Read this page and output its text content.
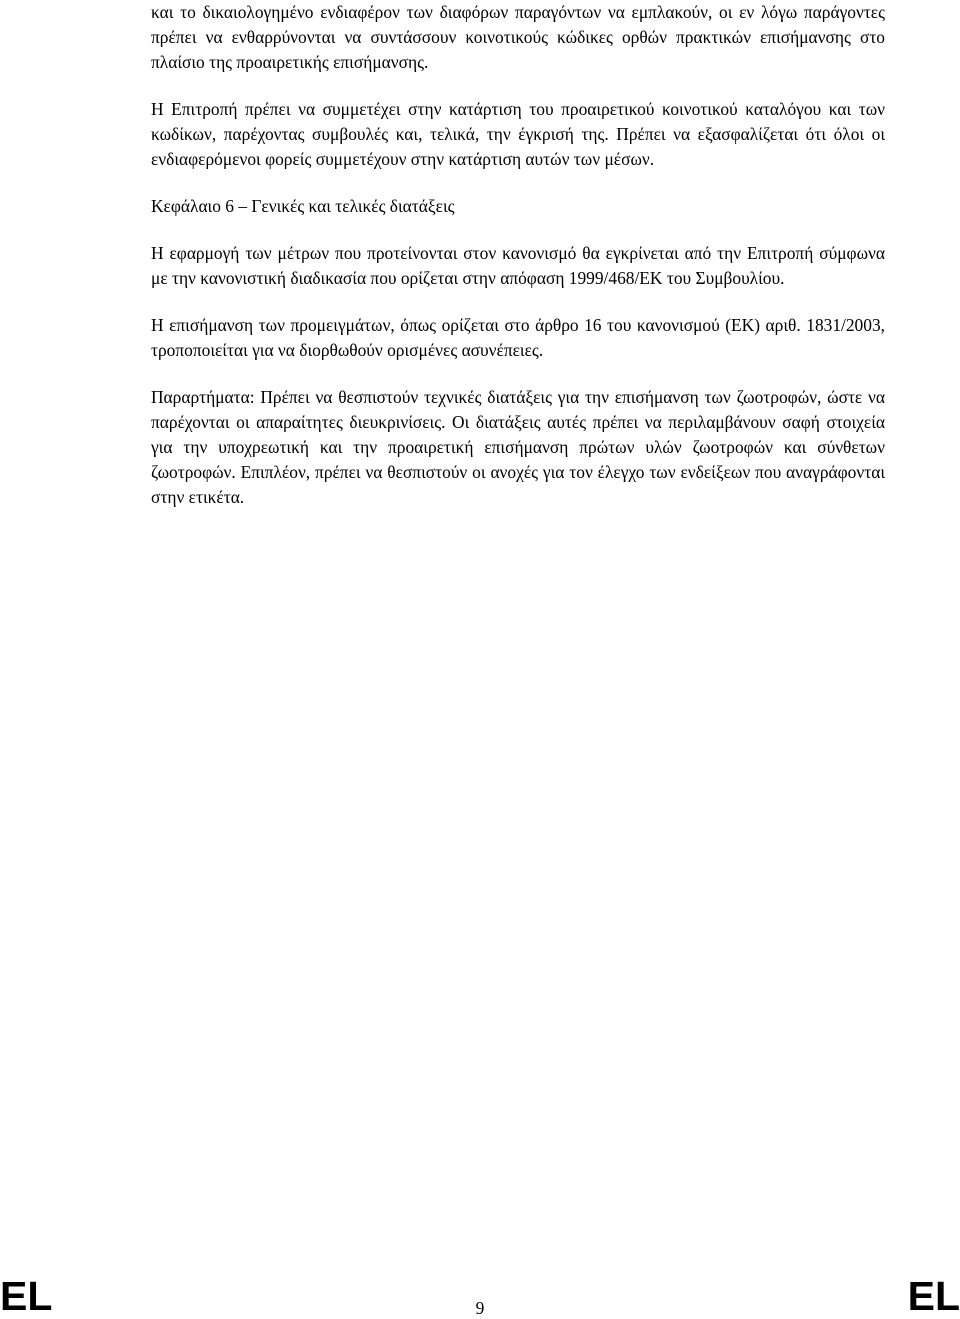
και το δικαιολογημένο ενδιαφέρον των διαφόρων παραγόντων να εμπλακούν, οι εν λόγω παράγοντες πρέπει να ενθαρρύνονται να συντάσσουν κοινοτικούς κώδικες ορθών πρακτικών επισήμανσης στο πλαίσιο της προαιρετικής επισήμανσης.

Η Επιτροπή πρέπει να συμμετέχει στην κατάρτιση του προαιρετικού κοινοτικού καταλόγου και των κωδίκων, παρέχοντας συμβουλές και, τελικά, την έγκρισή της. Πρέπει να εξασφαλίζεται ότι όλοι οι ενδιαφερόμενοι φορείς συμμετέχουν στην κατάρτιση αυτών των μέσων.

Κεφάλαιο 6 – Γενικές και τελικές διατάξεις

Η εφαρμογή των μέτρων που προτείνονται στον κανονισμό θα εγκρίνεται από την Επιτροπή σύμφωνα με την κανονιστική διαδικασία που ορίζεται στην απόφαση 1999/468/ΕΚ του Συμβουλίου.

Η επισήμανση των προμειγμάτων, όπως ορίζεται στο άρθρο 16 του κανονισμού (ΕΚ) αριθ. 1831/2003, τροποποιείται για να διορθωθούν ορισμένες ασυνέπειες.

Παραρτήματα: Πρέπει να θεσπιστούν τεχνικές διατάξεις για την επισήμανση των ζωοτροφών, ώστε να παρέχονται οι απαραίτητες διευκρινίσεις. Οι διατάξεις αυτές πρέπει να περιλαμβάνουν σαφή στοιχεία για την υποχρεωτική και την προαιρετική επισήμανση πρώτων υλών ζωοτροφών και σύνθετων ζωοτροφών. Επιπλέον, πρέπει να θεσπιστούν οι ανοχές για τον έλεγχο των ενδείξεων που αναγράφονται στην ετικέτα.

EL	9	EL
